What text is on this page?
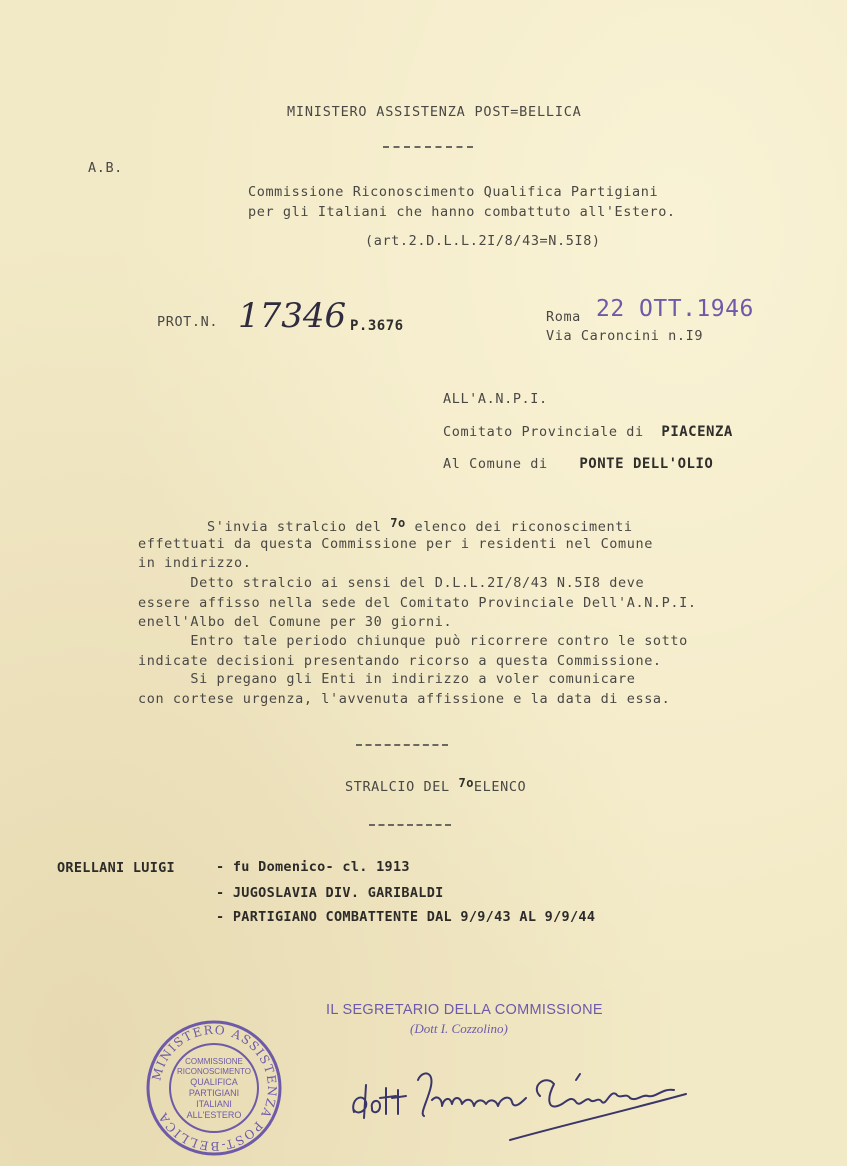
MINISTERO ASSISTENZA POST=BELLICA
A.B.
Commissione Riconoscimento Qualifica Partigiani
per gli Italiani che hanno combattuto all'Estero.
(art.2.D.L.L.2I/8/43=N.5I8)
PROT.N. 17346 P.3676
Roma 22 OTT.1946
Via Caroncini n.I9
ALL'A.N.P.I.
Comitato Provinciale di PIACENZA
Al Comune di PONTE DELL'OLIO
S'invia stralcio del 7o elenco dei riconoscimenti
effettuati da questa Commissione per i residenti nel Comune
in indirizzo.
Detto stralcio ai sensi del D.L.L.2I/8/43 N.5I8 deve
essere affisso nella sede del Comitato Provinciale Dell'A.N.P.I.
enell'Albo del Comune per 30 giorni.
Entro tale periodo chiunque può ricorrere contro le sotto
indicate decisioni presentando ricorso a questa Commissione.
Si pregano gli Enti in indirizzo a voler comunicare
con cortese urgenza, l'avvenuta affissione e la data di essa.
STRALCIO DEL 7oELENCO
ORELLANI LUIGI	- fu Domenico- cl. 1913
- JUGOSLAVIA DIV. GARIBALDI
- PARTIGIANO COMBATTENTE DAL 9/9/43 AL 9/9/44
IL SEGRETARIO DELLA COMMISSIONE
(Dott I. Cozzolino)
MINISTERO ASSISTENZA POST-BELLICA
COMMISSIONE
RICONOSCIMENTO
QUALIFICA
PARTIGIANI
ITALIANI
ALL'ESTERO
